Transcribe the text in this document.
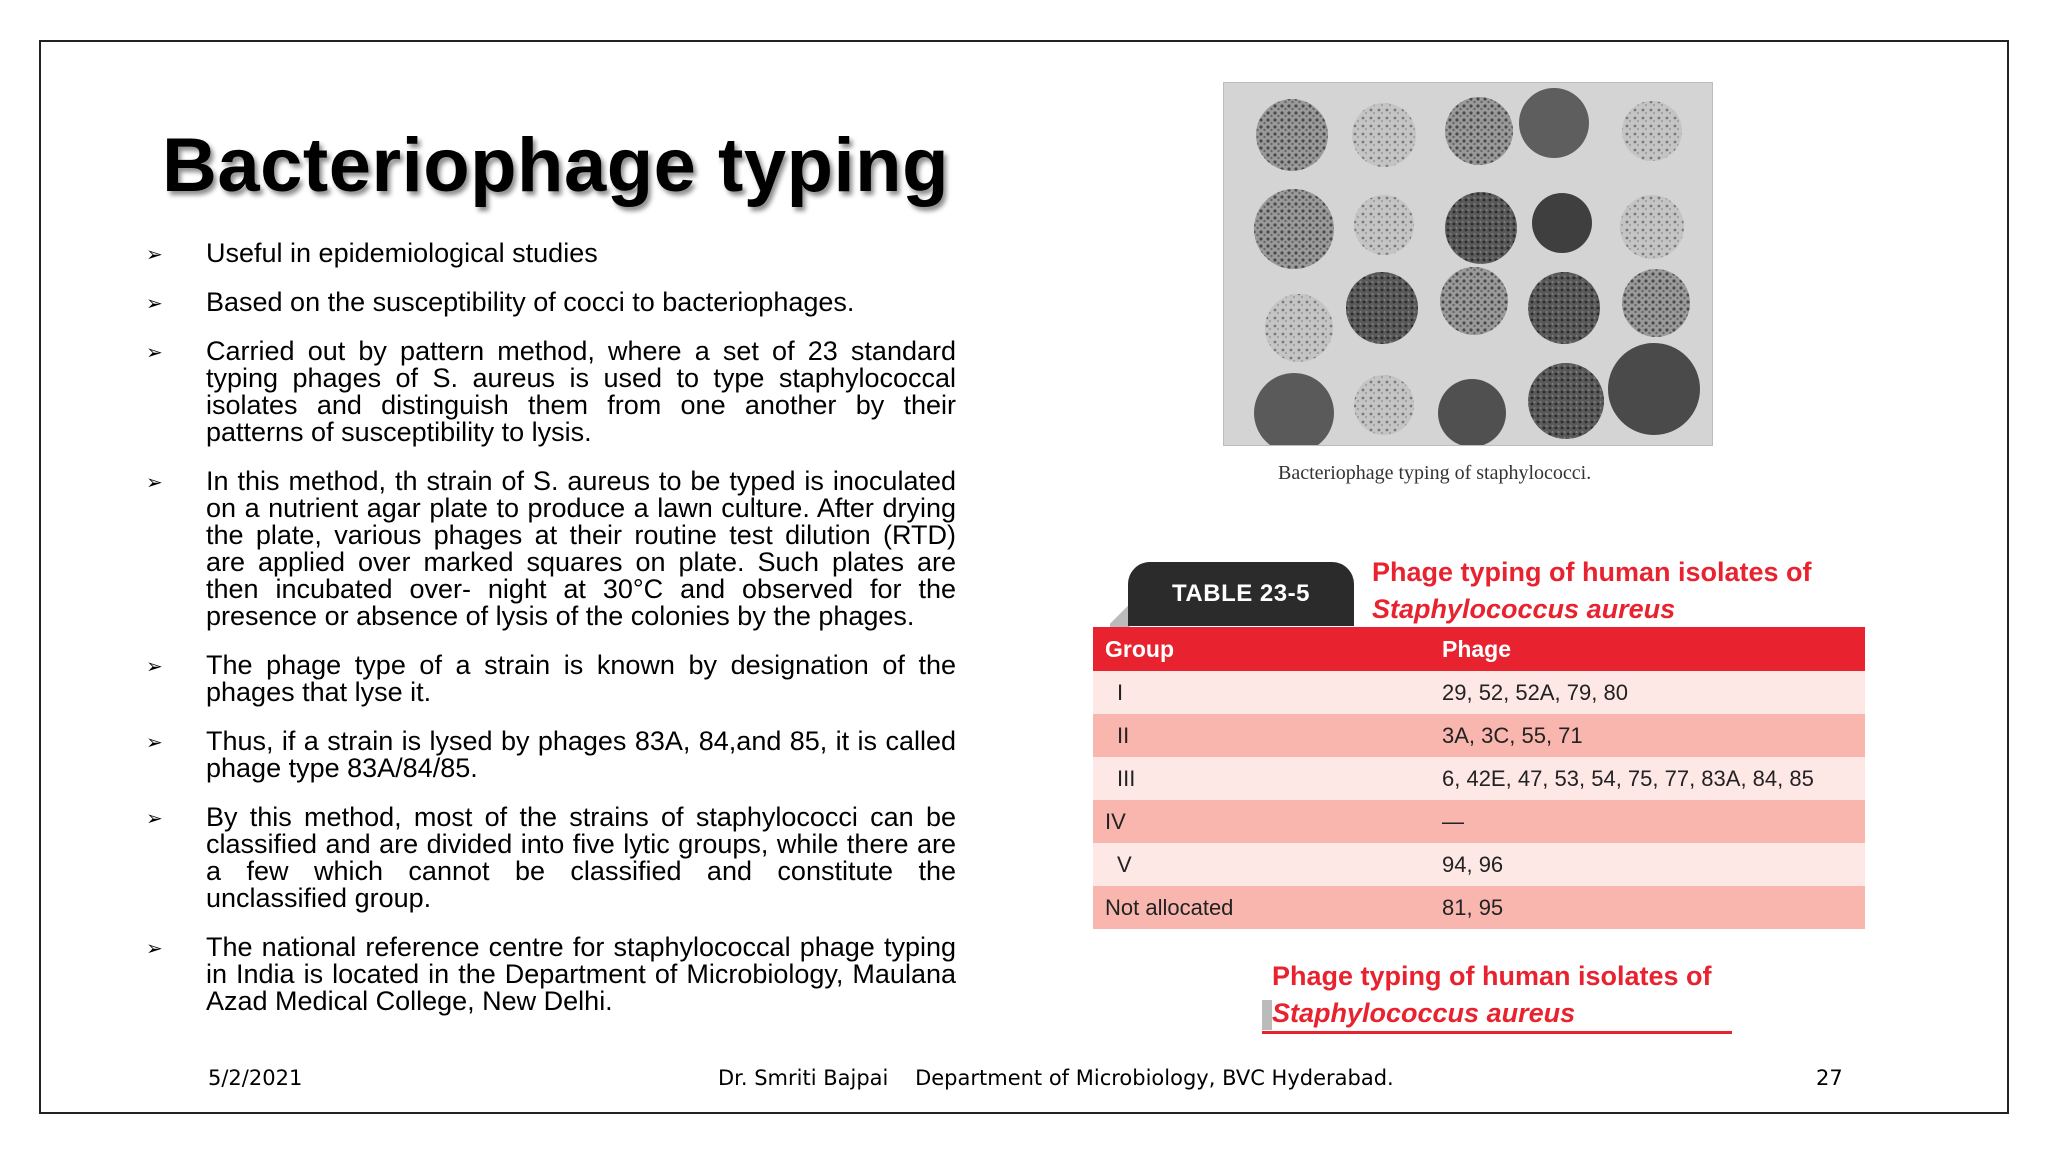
Bacteriophage typing
➢ Useful in epidemiological studies
➢ Based on the susceptibility of cocci to bacteriophages.
➢ Carried out by pattern method, where a set of 23 standard typing phages of S. aureus is used to type staphylococcal isolates and distinguish them from one another by their patterns of susceptibility to lysis.
➢ In this method, th strain of S. aureus to be typed is inoculated on a nutrient agar plate to produce a lawn culture. After drying the plate, various phages at their routine test dilution (RTD) are applied over marked squares on plate. Such plates are then incubated over- night at 30°C and observed for the presence or absence of lysis of the colonies by the phages.
➢ The phage type of a strain is known by designation of the phages that lyse it.
➢ Thus, if a strain is lysed by phages 83A, 84,and 85, it is called phage type 83A/84/85.
➢ By this method, most of the strains of staphylococci can be classified and are divided into five lytic groups, while there are a few which cannot be classified and constitute the unclassified group.
➢ The national reference centre for staphylococcal phage typing in India is located in the Department of Microbiology, Maulana Azad Medical College, New Delhi.
Bacteriophage typing of staphylococci.
TABLE 23-5
Phage typing of human isolates of
Staphylococcus aureus
Group	Phage
I	29, 52, 52A, 79, 80
II	3A, 3C, 55, 71
III	6, 42E, 47, 53, 54, 75, 77, 83A, 84, 85
IV	—
V	94, 96
Not allocated	81, 95
Phage typing of human isolates of
Staphylococcus aureus
5/2/2021	Dr. Smriti Bajpai Department of Microbiology, BVC Hyderabad.	27
